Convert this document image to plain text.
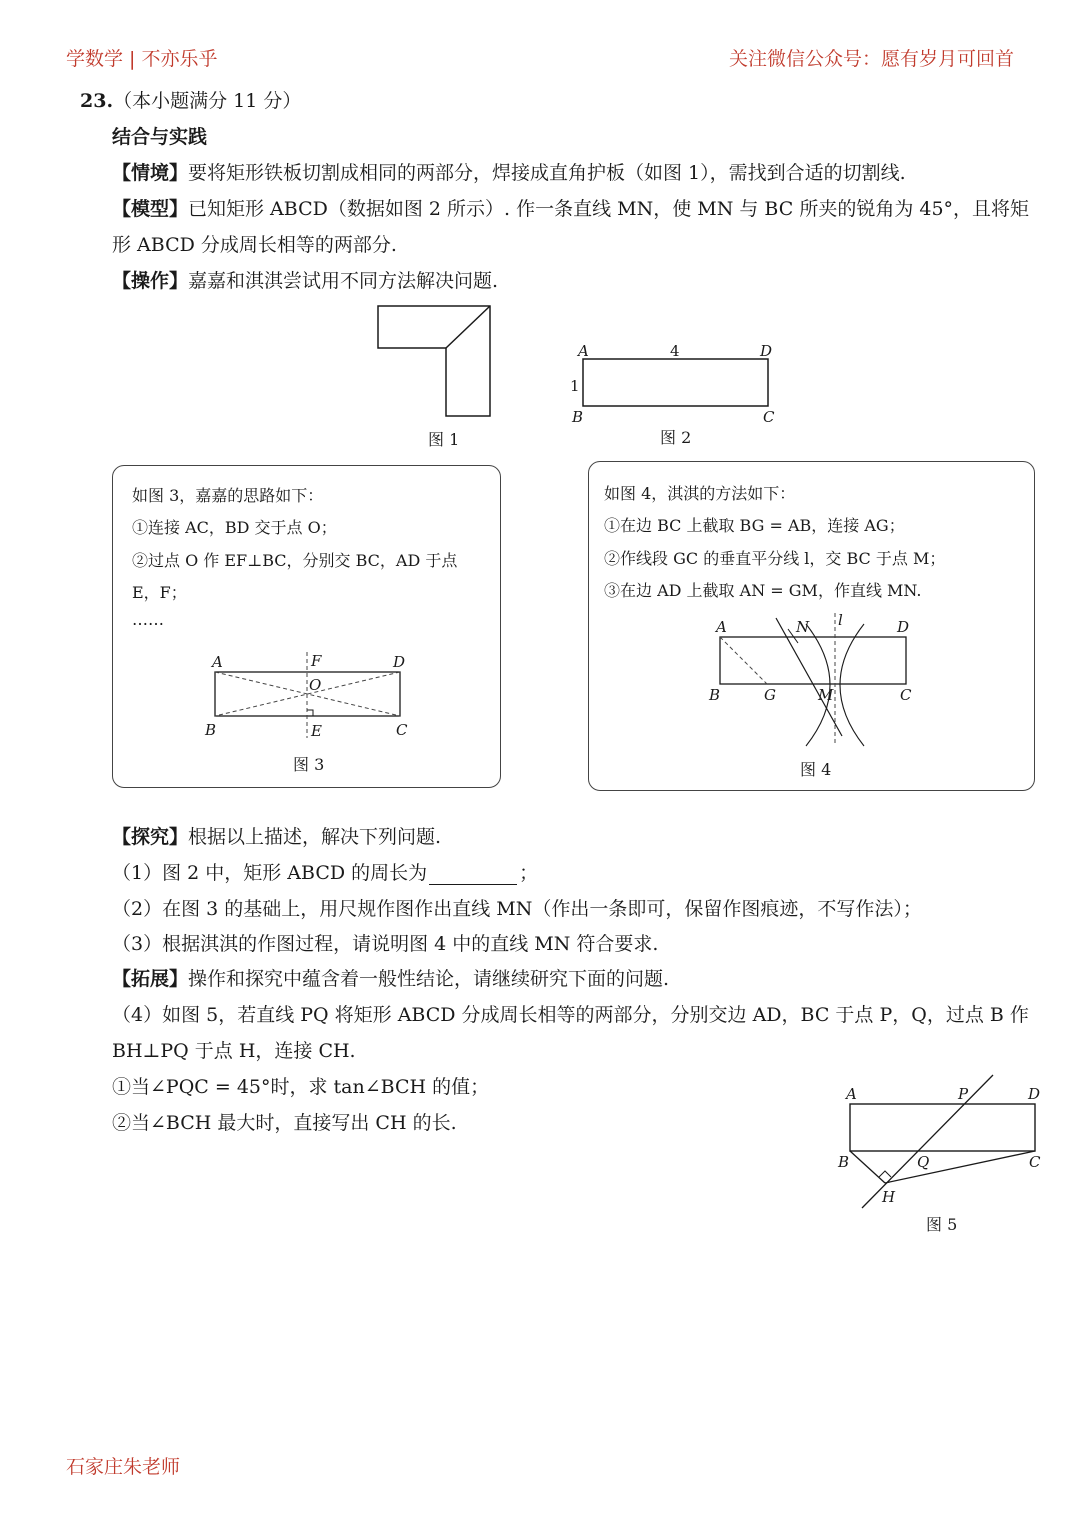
学数学 | 不亦乐乎	关注微信公众号：愿有岁月可回首
石家庄朱老师
23.（本小题满分 11 分）
结合与实践
【情境】要将矩形铁板切割成相同的两部分，焊接成直角护板（如图 1），需找到合适的切割线.
【模型】已知矩形 ABCD（数据如图 2 所示）. 作一条直线 MN，使 MN 与 BC 所夹的锐角为 45°，且将矩
形 ABCD 分成周长相等的两部分.
【操作】嘉嘉和淇淇尝试用不同方法解决问题.
图 1
A	D
B	C
4
1
图 2
如图 3，嘉嘉的思路如下：
①连接 AC，BD 交于点 O；
②过点 O 作 EF⊥BC，分别交 BC，AD 于点
E，F；
……
A	D
B	C
F
O
E
图 3
如图 4，淇淇的方法如下：
①在边 BC 上截取 BG = AB，连接 AG；
②作线段 GC 的垂直平分线 l，交 BC 于点 M；
③在边 AD 上截取 AN = GM，作直线 MN.
A	N l	D
B	G	M	C
图 4
【探究】根据以上描述，解决下列问题.
（1）图 2 中，矩形 ABCD 的周长为	；
（2）在图 3 的基础上，用尺规作图作出直线 MN（作出一条即可，保留作图痕迹，不写作法）；
（3）根据淇淇的作图过程，请说明图 4 中的直线 MN 符合要求.
【拓展】操作和探究中蕴含着一般性结论，请继续研究下面的问题.
（4）如图 5，若直线 PQ 将矩形 ABCD 分成周长相等的两部分，分别交边 AD，BC 于点 P，Q，过点 B 作
BH⊥PQ 于点 H，连接 CH.
①当∠PQC = 45°时，求 tan∠BCH 的值；
②当∠BCH 最大时，直接写出 CH 的长.
A	P	D
B	Q	C
H
图 5
